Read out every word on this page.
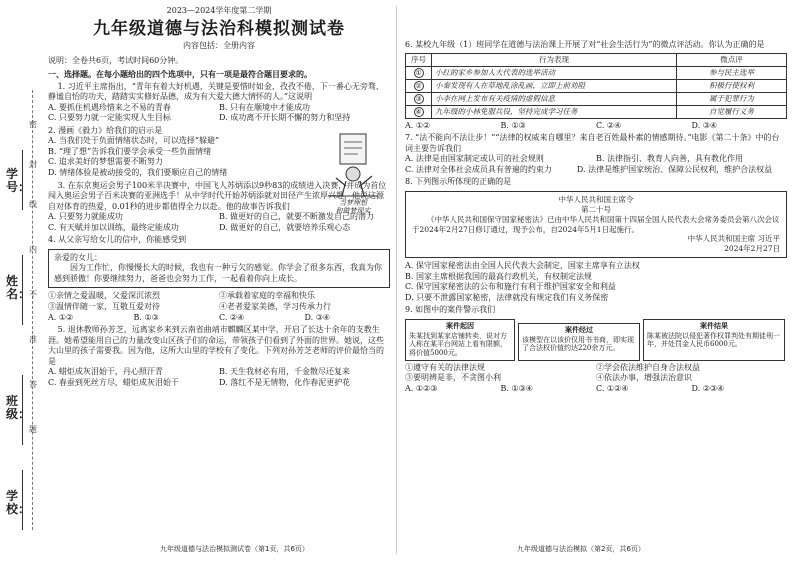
学号：
姓名：
班级：
学校：
密
封
线
内
不
准
答
题
2023—2024学年度第二学期
九年级道德与法治科模拟测试卷
内容包括：全册内容
说明：全卷共6页，考试时间60分钟。
一、选择题。在每小题给出的四个选项中，只有一项是最符合题目要求的。
1. 习近平主席指出，“青年有着大好机遇，关键是要惜时如金、孜孜不倦，下一番心无旁骛、静谧自怡的功夫，踏踏实实修好品德，成为有大爱大德大情怀的人。”这说明
A. 要抓住机遇珍惜来之不易的青春	B. 只有在顺境中才能成功
C. 只要努力就一定能实现人生目标	D. 成功离不开长期不懈的努力和坚持
2. 漫画《毅力》给我们的启示是
A. 当我们处于负面情绪状态时，可以选择“躲避”
B. “理了想”告诉我们要学会承受一些负面情绪
C. 追求美好的梦想需要不断努力
D. 情绪体验是被动接受的，我们要顺应自己的情绪
当梦理想
和做梦现实
3. 在东京奥运会男子100米半决赛中，中国飞人苏炳添以9秒83的成绩进入决赛，并成为首位闯入奥运会男子百米决赛的亚洲选手！从中学时代开始苏炳添就对田径产生浓厚兴趣，他说这源自对体育的热爱，0.01秒的进步都值得全力以赴。他的故事告诉我们
A. 只要努力就能成功	B. 做更好的自己，就要不断激发自己的潜力
C. 有天赋并加以训练，最终定能成功	D. 做更好的自己，就要培养乐观心态
4. 从父亲写给女儿的信中，你能感受到
亲爱的女儿：
因为工作忙，你慢慢长大的时候，我也有一种亏欠的感觉。你学会了很多东西，我真为你感到骄傲！你要继续努力，爸爸也会努力工作，一起看着你向上成长。
①亲情之爱温暖，父爱深沉浓烈	②承载着家庭的幸福和快乐
③温情伴随一家，互敬互爱对待	④老者爱家美德，学习传承力行
A. ①②	B. ①③	C. ②④	D. ③④
5. 退休教师孙芳芝，远离家乡来到云南省曲靖市麒麟区某中学，开启了长达十余年的支教生涯。她希望能用自己的力量改变山区孩子们的命运，带领孩子们看到了外面的世界。她说，这些大山里的孩子需要我。因为他，这所大山里的学校有了变化。下列对孙芳芝老师的评价最恰当的是
A. 蜡炬成灰泪始干，丹心照汗青	B. 天生我材必有用，千金散尽还复来
C. 春蚕到死丝方尽，蜡炬成灰泪始干	D. 落红不是无情物，化作春泥更护花
九年级道德与法治模拟测试卷（第1页，共6页）
6. 某校九年级（1）班同学在道德与法治课上开展了对“社会生活行为”的微点评活动。你认为正确的是
序号	行为表现	微点评
①	小红的家乡参加人大代表的选举活动	参与民主选举
②	小秦发现有人在草地乱涂乱画，立即上前劝阻	积极行使权利
③	小李在网上发布有关疫情的虚假信息	属于犯罪行为
④	九年级的小林免服兵役，坚持完成学习任务	自觉履行义务
A. ①②	B. ①③	C. ②④	D. ③④
7. “法不能向不法让步！”“法律的权威来自哪里？来自老百姓最朴素的情感期待。”电影《第二十条》中的台词主要告诉我们
A. 法律是由国家制定或认可的社会规则	B. 法律指引、教育人向善，具有教化作用
C. 法律对全体社会成员具有普遍的约束力	D. 法律是维护国家统治、保障公民权利，维护合法权益
8. 下列图示所体现的正确的是
中华人民共和国主席令
第二十号
《中华人民共和国保守国家秘密法》已由中华人民共和国第十四届全国人民代表大会常务委员会第八次会议于2024年2月27日修订通过，现予公布，自2024年5月1日起施行。
中华人民共和国主席 习近平
2024年2月27日
A. 保守国家秘密法由全国人民代表大会制定，国家主席享有立法权
B. 国家主席根据我国的最高行政机关，有权制定法规
C. 保守国家秘密法的公布和施行有利于维护国家安全和利益
D. 只要不泄露国家秘密，法律就没有规定我们有义务保密
9. 如图中的案件警示我们
案件起因
朱某找到某家店铺转卖，说对方人称在某平台网站上看有限额，将价值5000元。
案件经过
该模型在以该价仅用书书商，即实现了合法权价值约达220余万元。
案件结果
陈某被法院以侵犯著作权罪判处有期徒刑一年，并处罚金人民币6000元。
①遵守有关的法律法规	②学会依法维护自身合法权益
③要明辨是非，不贪图小利	④依法办事，增强法治意识
A. ①②③	B. ①③④	C. ①②④	D. ②③④
九年级道德与法治模拟（第2页，共6页）
